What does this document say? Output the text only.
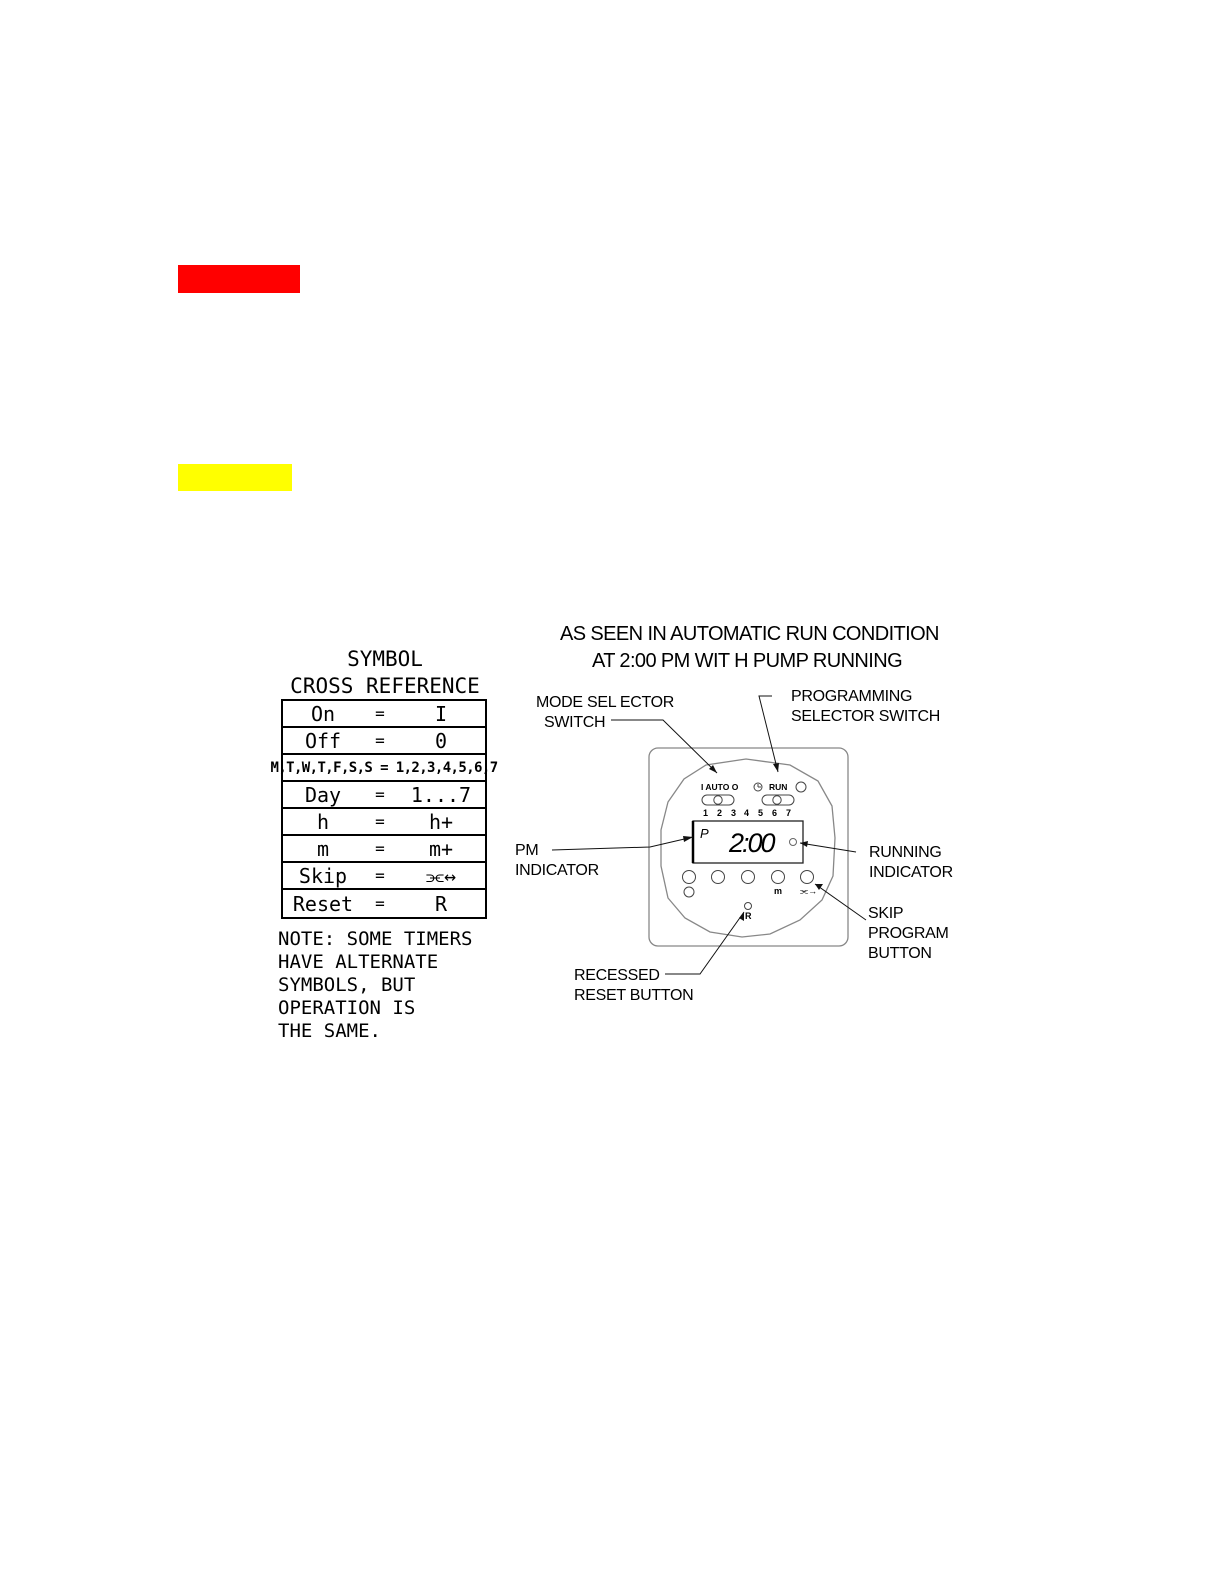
SYMBOL
CROSS REFERENCE
On	=	I
Off	=	0
M,T,W,T,F,S,S = 1,2,3,4,5,6,7
Day	=	1...7
h	=	h+
m	=	m+
Skip	=	⫘↔
Reset	=	R
NOTE: SOME TIMERS
HAVE ALTERNATE
SYMBOLS, BUT
OPERATION IS
THE SAME.
AS SEEN IN AUTOMATIC RUN CONDITION
AT 2:00 PM WIT H PUMP RUNNING
I AUTO O	RUN
1 2 3 4 5 6 7
P 2:00
m ⫘→
R
MODE SEL ECTOR
SWITCH
PROGRAMMING
SELECTOR SWITCH
PM
INDICATOR
RUNNING
INDICATOR
SKIP
PROGRAM
BUTTON
RECESSED
RESET BUTTON
